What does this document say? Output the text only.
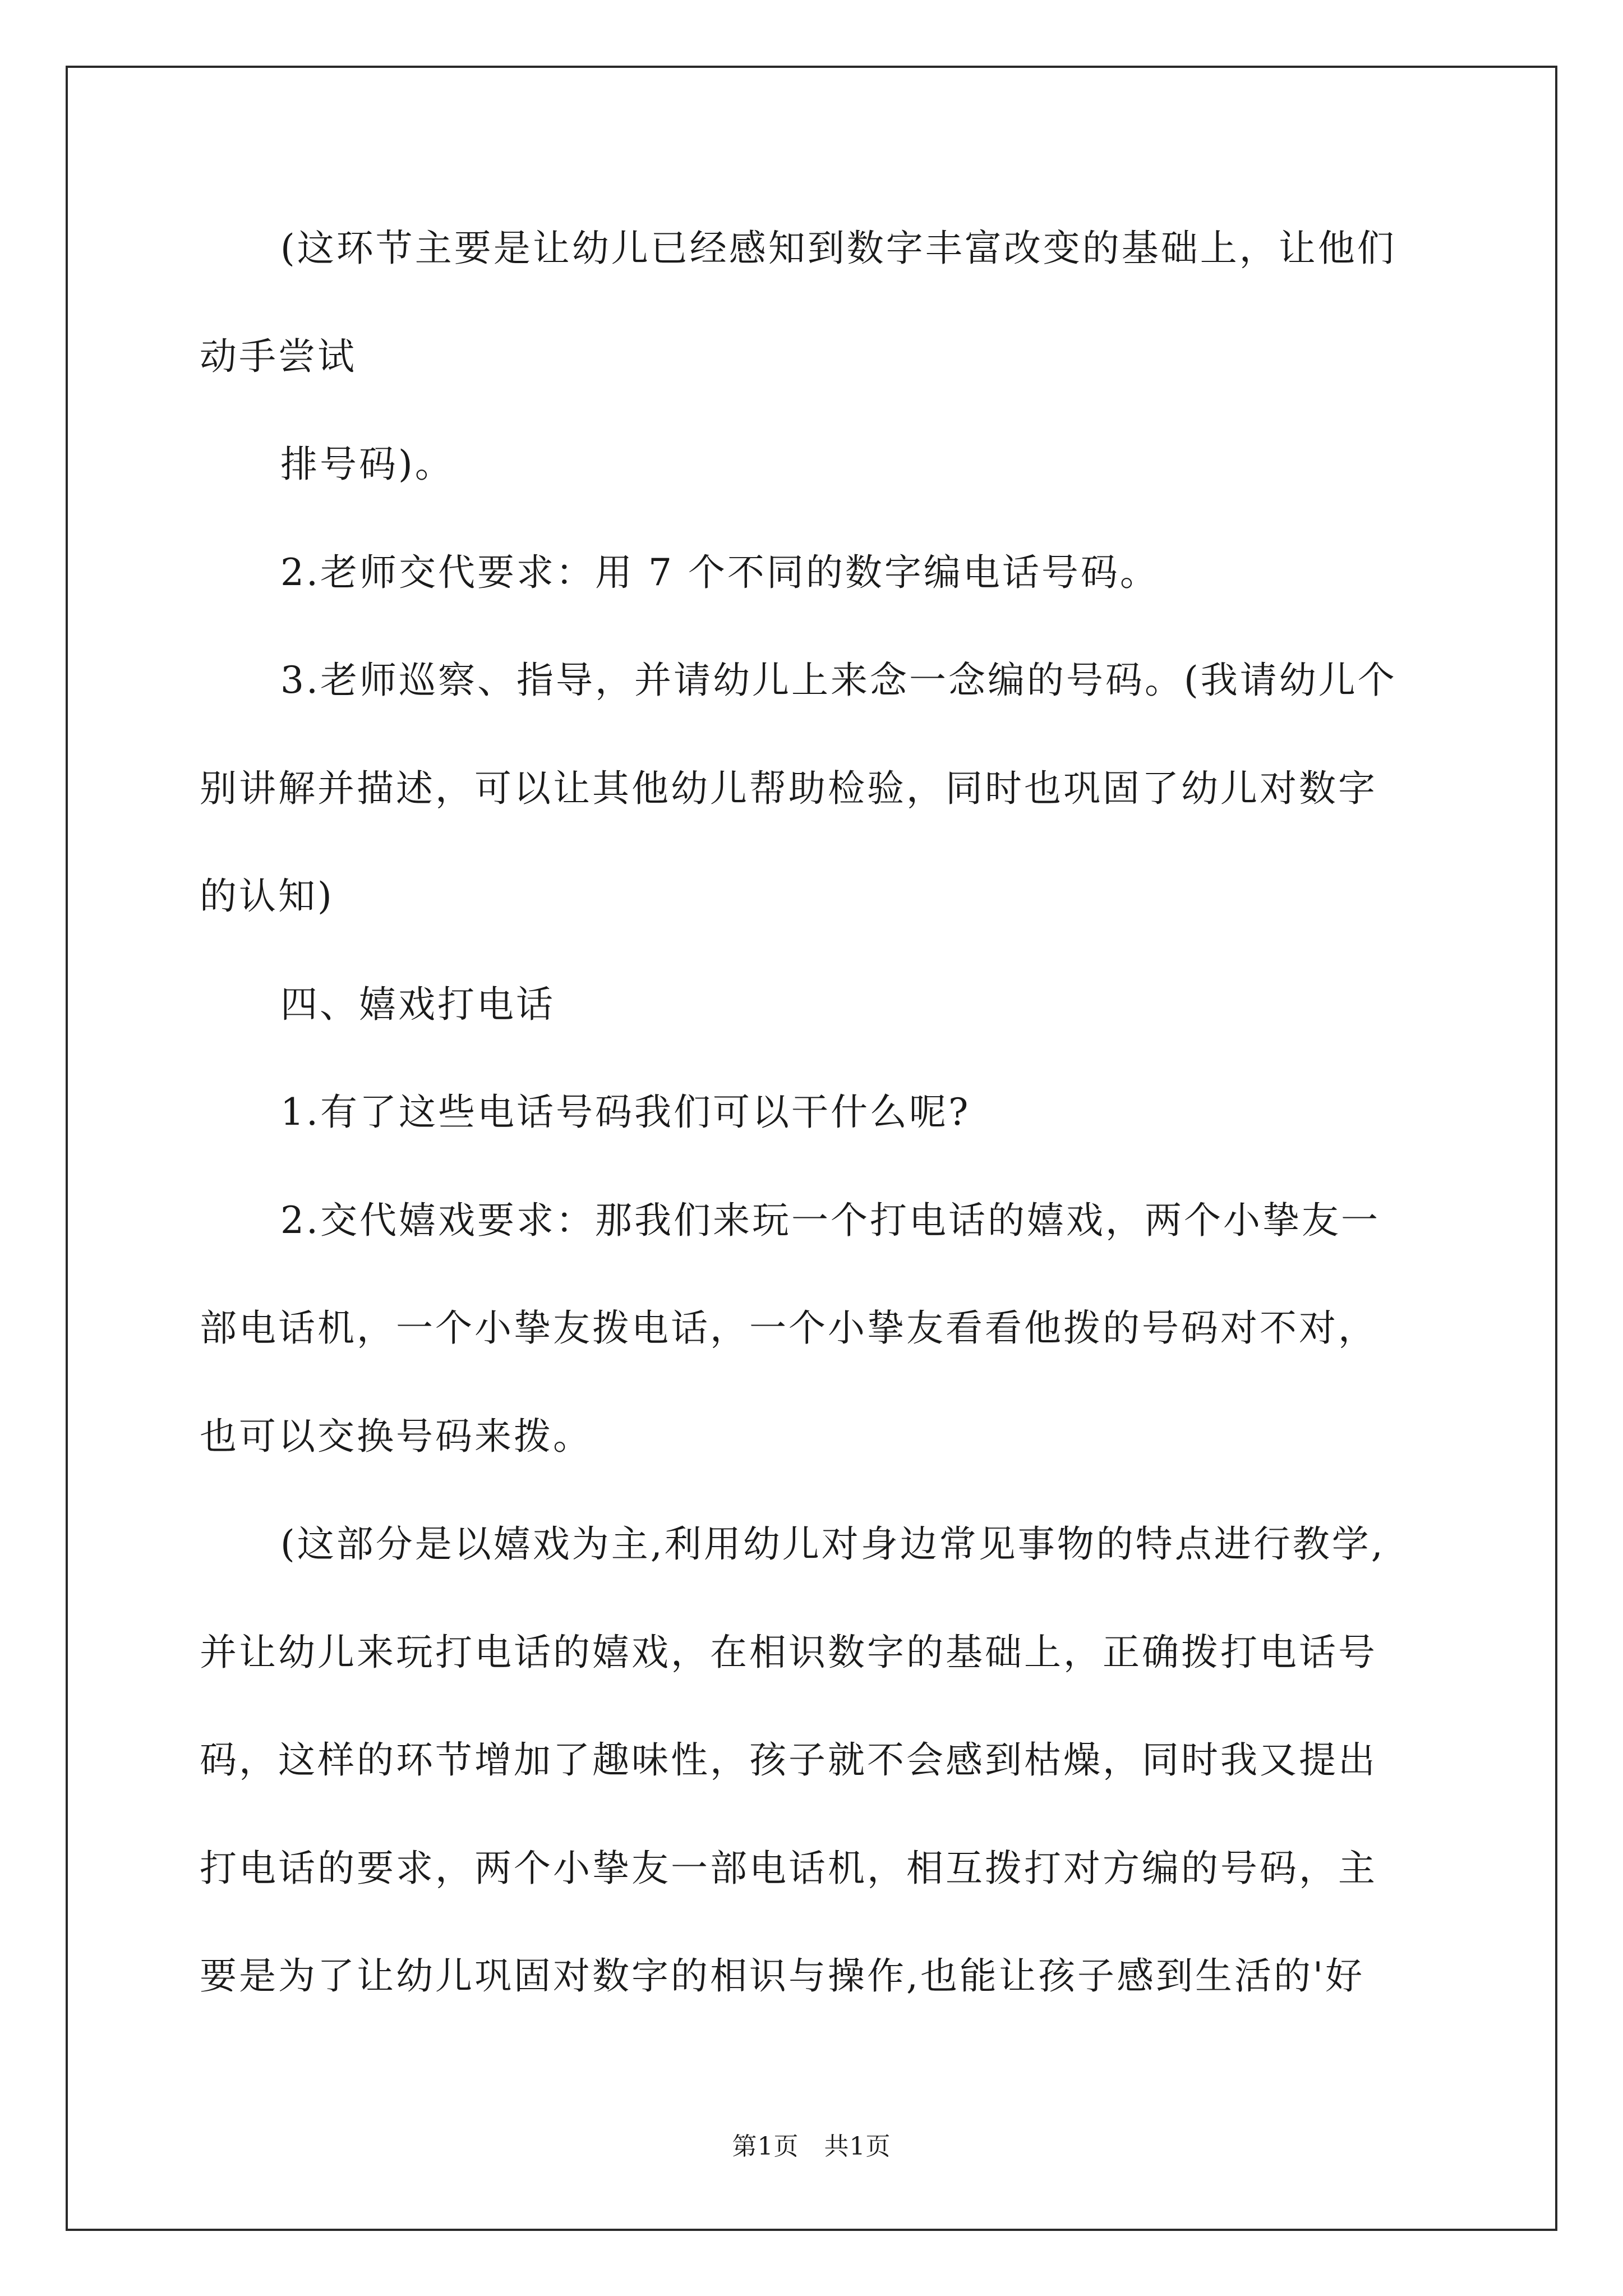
(这环节主要是让幼儿已经感知到数字丰富改变的基础上，让他们
动手尝试
排号码)。
2.老师交代要求：用 7 个不同的数字编电话号码。
3.老师巡察、指导，并请幼儿上来念一念编的号码。(我请幼儿个
别讲解并描述，可以让其他幼儿帮助检验，同时也巩固了幼儿对数字
的认知)
四、嬉戏打电话
1.有了这些电话号码我们可以干什么呢?
2.交代嬉戏要求：那我们来玩一个打电话的嬉戏，两个小挚友一
部电话机，一个小挚友拨电话，一个小挚友看看他拨的号码对不对，
也可以交换号码来拨。
(这部分是以嬉戏为主,利用幼儿对身边常见事物的特点进行教学,
并让幼儿来玩打电话的嬉戏，在相识数字的基础上，正确拨打电话号
码，这样的环节增加了趣味性，孩子就不会感到枯燥，同时我又提出
打电话的要求，两个小挚友一部电话机，相互拨打对方编的号码，主
要是为了让幼儿巩固对数字的相识与操作,也能让孩子感到生活的'好
第1页　共1页
